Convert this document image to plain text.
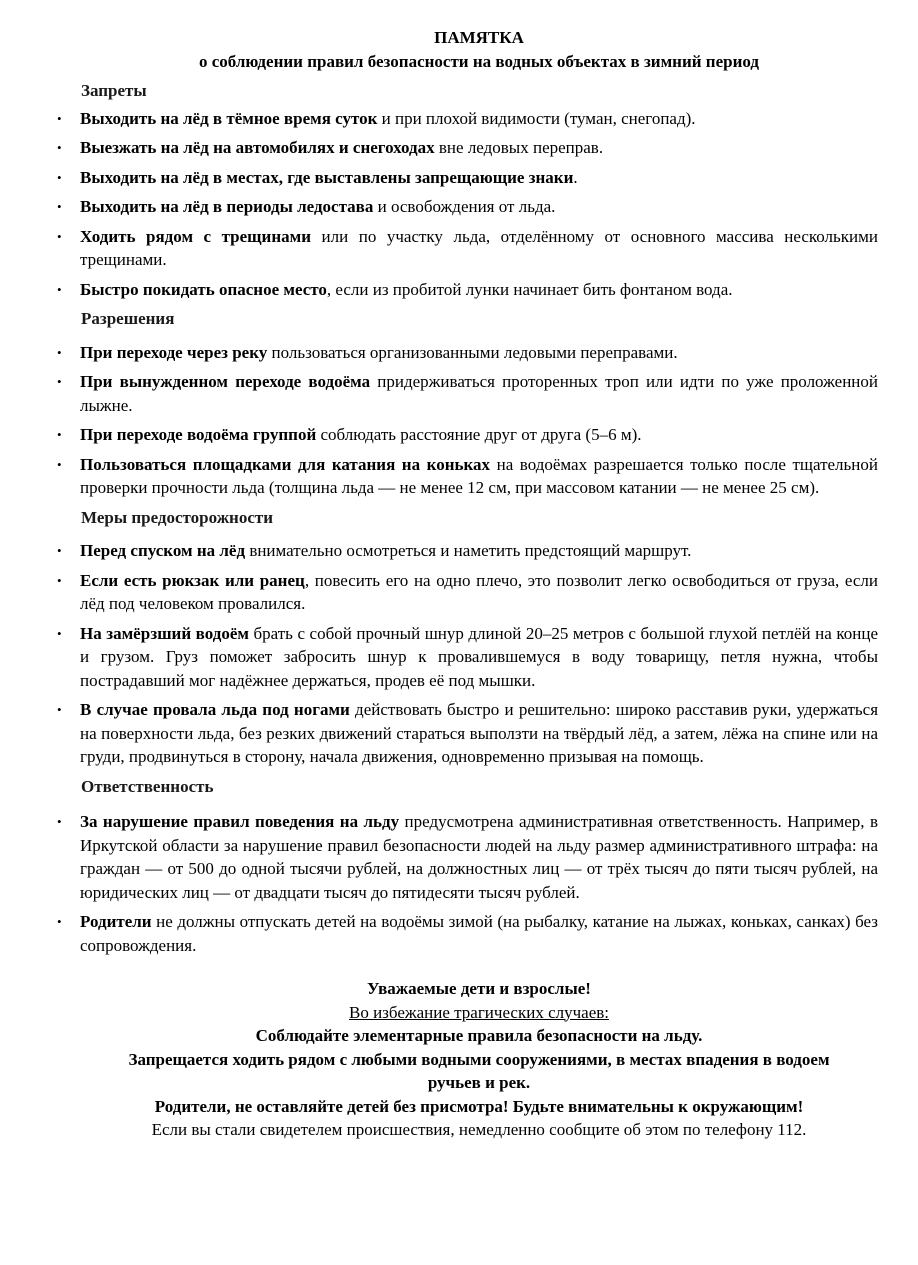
ПАМЯТКА

о соблюдении правил безопасности на водных объектах в зимний период

Запреты

• Выходить на лёд в тёмное время суток и при плохой видимости (туман, снегопад).
• Выезжать на лёд на автомобилях и снегоходах вне ледовых переправ.
• Выходить на лёд в местах, где выставлены запрещающие знаки.
• Выходить на лёд в периоды ледостава и освобождения от льда.
• Ходить рядом с трещинами или по участку льда, отделённому от основного массива несколькими трещинами.
• Быстро покидать опасное место, если из пробитой лунки начинает бить фонтаном вода.

Разрешения

• При переходе через реку пользоваться организованными ледовыми переправами.
• При вынужденном переходе водоёма придерживаться проторенных троп или идти по уже проложенной лыжне.
• При переходе водоёма группой соблюдать расстояние друг от друга (5–6 м).
• Пользоваться площадками для катания на коньках на водоёмах разрешается только после тщательной проверки прочности льда (толщина льда — не менее 12 см, при массовом катании — не менее 25 см).

Меры предосторожности

• Перед спуском на лёд внимательно осмотреться и наметить предстоящий маршрут.
• Если есть рюкзак или ранец, повесить его на одно плечо, это позволит легко освободиться от груза, если лёд под человеком провалился.
• На замёрзший водоём брать с собой прочный шнур длиной 20–25 метров с большой глухой петлёй на конце и грузом. Груз поможет забросить шнур к провалившемуся в воду товарищу, петля нужна, чтобы пострадавший мог надёжнее держаться, продев её под мышки.
• В случае провала льда под ногами действовать быстро и решительно: широко расставив руки, удержаться на поверхности льда, без резких движений стараться выползти на твёрдый лёд, а затем, лёжа на спине или на груди, продвинуться в сторону, начала движения, одновременно призывая на помощь.

Ответственность

• За нарушение правил поведения на льду предусмотрена административная ответственность. Например, в Иркутской области за нарушение правил безопасности людей на льду размер административного штрафа: на граждан — от 500 до одной тысячи рублей, на должностных лиц — от трёх тысяч до пяти тысяч рублей, на юридических лиц — от двадцати тысяч до пятидесяти тысяч рублей.
• Родители не должны отпускать детей на водоёмы зимой (на рыбалку, катание на лыжах, коньках, санках) без сопровождения.
Уважаемые дети и взрослые!
Во избежание трагических случаев:
Соблюдайте элементарные правила безопасности на льду.
Запрещается ходить рядом с любыми водными сооружениями, в местах впадения в водоем ручьев и рек.
Родители, не оставляйте детей без присмотра! Будьте внимательны к окружающим!
Если вы стали свидетелем происшествия, немедленно сообщите об этом по телефону 112.
